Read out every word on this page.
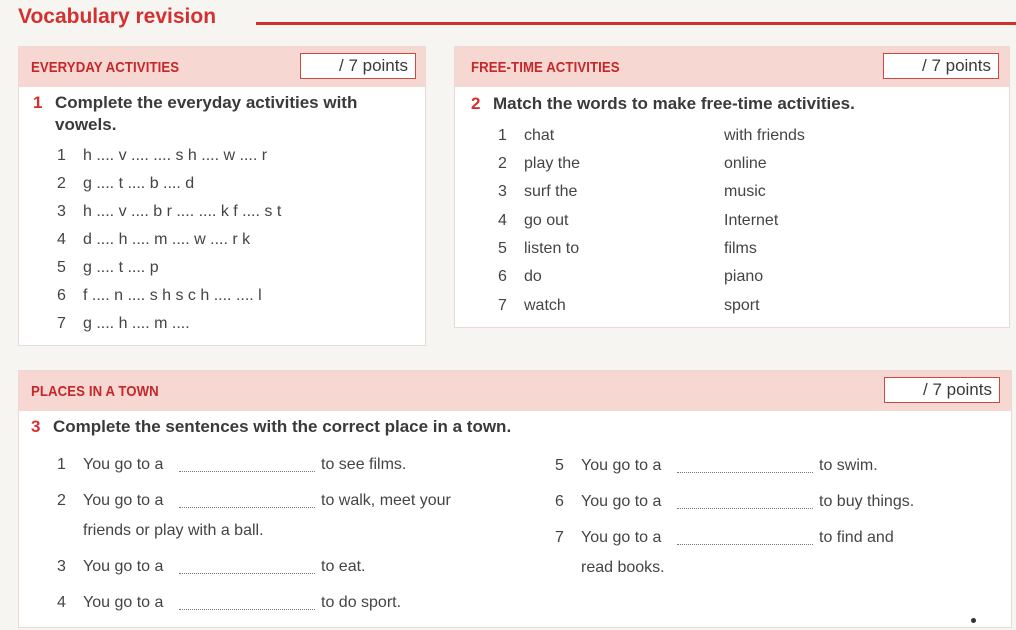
Vocabulary revision
EVERYDAY ACTIVITIES	/ 7 points
1 Complete the everyday activities with
vowels.
1 h .... v .... .... s h .... w .... r
2 g .... t .... b .... d
3 h .... v .... b r .... .... k f .... s t
4 d .... h .... m .... w .... r k
5 g .... t .... p
6 f .... n .... s h s c h .... .... l
7 g .... h .... m ....
FREE-TIME ACTIVITIES	/ 7 points
2 Match the words to make free-time activities.
1 chat	with friends
2 play the	online
3 surf the	music
4 go out	Internet
5 listen to	films
6 do	piano
7 watch	sport
PLACES IN A TOWN	/ 7 points
3 Complete the sentences with the correct place in a town.
1 You go to a	to see films.
2 You go to a	to walk, meet your
friends or play with a ball.
3 You go to a	to eat.
4 You go to a	to do sport.
5 You go to a	to swim.
6 You go to a	to buy things.
7 You go to a	to find and
read books.
